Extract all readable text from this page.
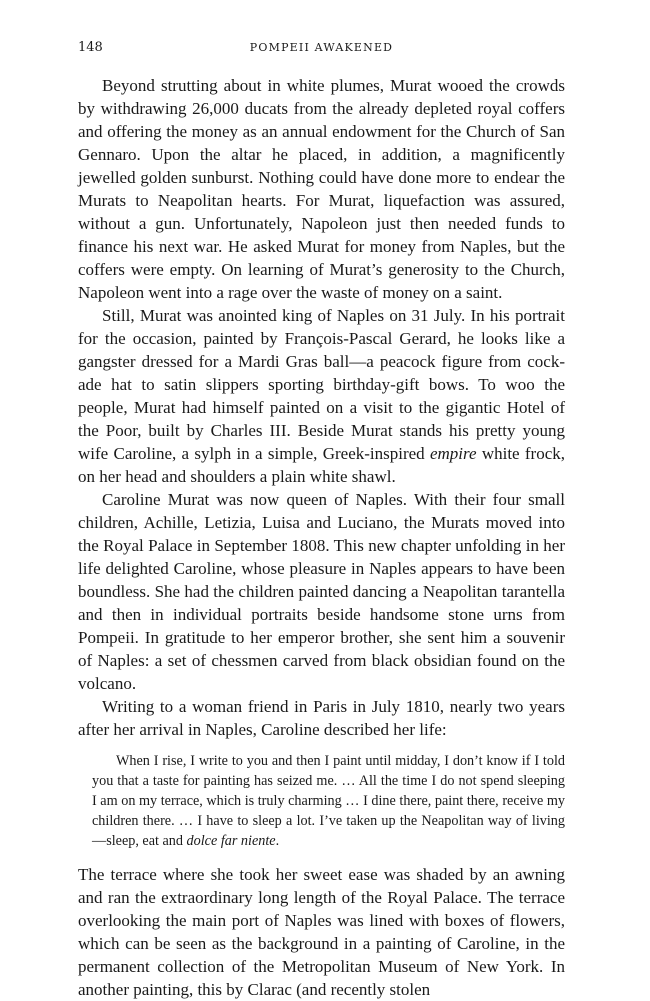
148	POMPEII AWAKENED

Beyond strutting about in white plumes, Murat wooed the crowds by withdrawing 26,000 ducats from the already depleted royal coffers and offering the money as an annual endowment for the Church of San Gennaro. Upon the altar he placed, in addition, a magnificently jewelled golden sunburst. Nothing could have done more to endear the Murats to Neapolitan hearts. For Murat, liquefaction was assured, without a gun. Unfortunately, Napoleon just then needed funds to finance his next war. He asked Murat for money from Naples, but the coffers were empty. On learning of Murat’s generosity to the Church, Napoleon went into a rage over the waste of money on a saint.

Still, Murat was anointed king of Naples on 31 July. In his portrait for the occasion, painted by François-Pascal Gerard, he looks like a gangster dressed for a Mardi Gras ball—a peacock figure from cockade hat to satin slippers sporting birthday-gift bows. To woo the people, Murat had himself painted on a visit to the gigantic Hotel of the Poor, built by Charles III. Beside Murat stands his pretty young wife Caroline, a sylph in a simple, Greek-inspired empire white frock, on her head and shoulders a plain white shawl.

Caroline Murat was now queen of Naples. With their four small children, Achille, Letizia, Luisa and Luciano, the Murats moved into the Royal Palace in September 1808. This new chapter unfolding in her life delighted Caroline, whose pleasure in Naples appears to have been boundless. She had the children painted dancing a Neapolitan tarantella and then in individual portraits beside handsome stone urns from Pompeii. In gratitude to her emperor brother, she sent him a souvenir of Naples: a set of chessmen carved from black obsidian found on the volcano.

Writing to a woman friend in Paris in July 1810, nearly two years after her arrival in Naples, Caroline described her life:

When I rise, I write to you and then I paint until midday, I don’t know if I told you that a taste for painting has seized me. … All the time I do not spend sleeping I am on my terrace, which is truly charming … I dine there, paint there, receive my children there. … I have to sleep a lot. I’ve taken up the Neapolitan way of living—sleep, eat and dolce far niente.

The terrace where she took her sweet ease was shaded by an awning and ran the extraordinary long length of the Royal Palace. The terrace overlooking the main port of Naples was lined with boxes of flowers, which can be seen as the background in a painting of Caroline, in the permanent collection of the Metropolitan Museum of New York. In another painting, this by Clarac (and recently stolen
